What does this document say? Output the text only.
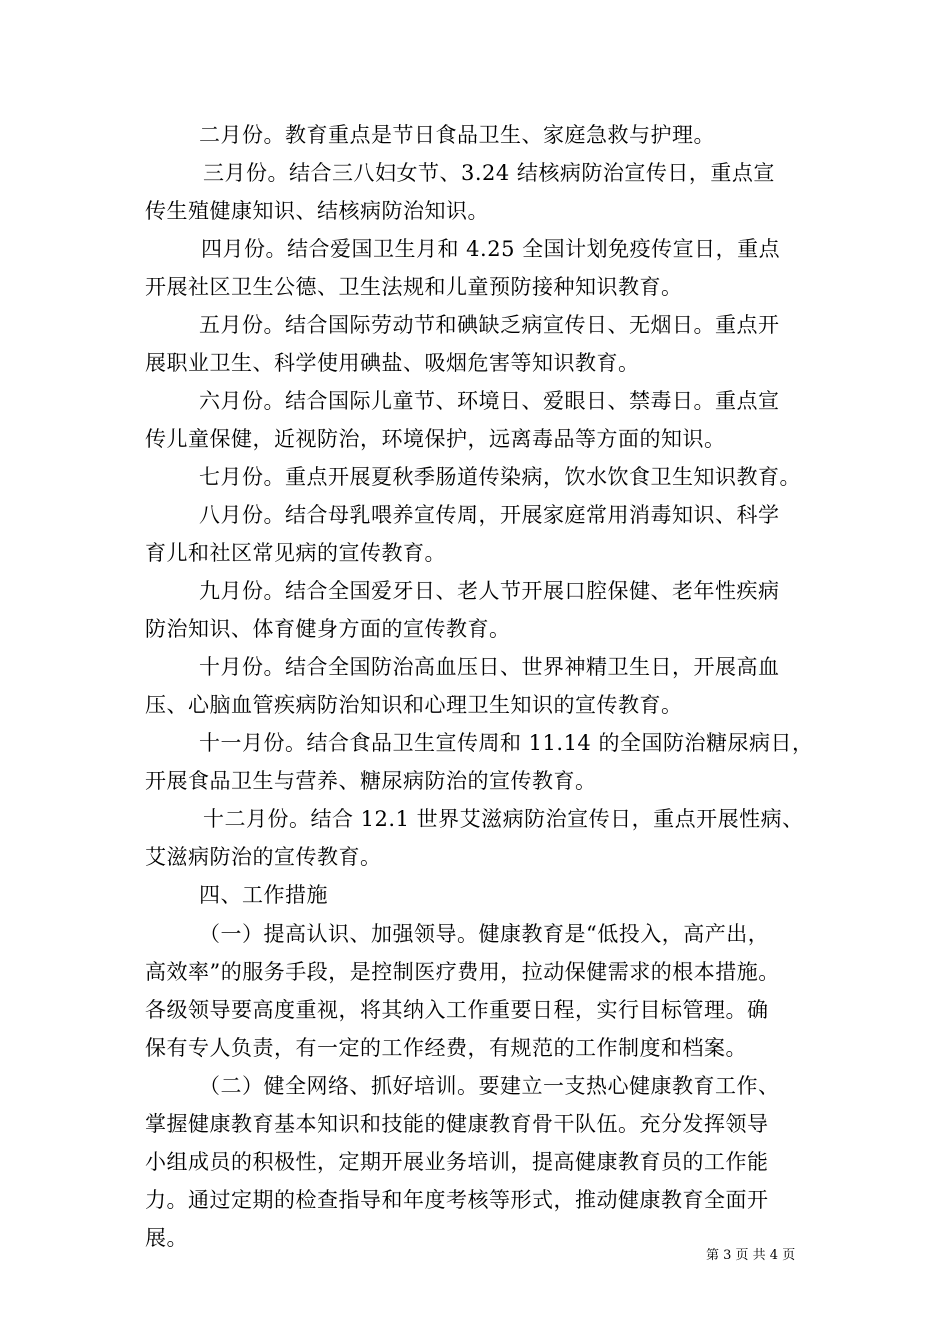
二月份。教育重点是节日食品卫生、家庭急救与护理。
三月份。结合三八妇女节、3.24 结核病防治宣传日，重点宣
传生殖健康知识、结核病防治知识。
四月份。结合爱国卫生月和 4.25 全国计划免疫传宣日，重点
开展社区卫生公德、卫生法规和儿童预防接种知识教育。
五月份。结合国际劳动节和碘缺乏病宣传日、无烟日。重点开
展职业卫生、科学使用碘盐、吸烟危害等知识教育。
六月份。结合国际儿童节、环境日、爱眼日、禁毒日。重点宣
传儿童保健，近视防治，环境保护，远离毒品等方面的知识。
七月份。重点开展夏秋季肠道传染病，饮水饮食卫生知识教育。
八月份。结合母乳喂养宣传周，开展家庭常用消毒知识、科学
育儿和社区常见病的宣传教育。
九月份。结合全国爱牙日、老人节开展口腔保健、老年性疾病
防治知识、体育健身方面的宣传教育。
十月份。结合全国防治高血压日、世界神精卫生日，开展高血
压、心脑血管疾病防治知识和心理卫生知识的宣传教育。
十一月份。结合食品卫生宣传周和 11.14 的全国防治糖尿病日，
开展食品卫生与营养、糖尿病防治的宣传教育。
十二月份。结合 12.1 世界艾滋病防治宣传日，重点开展性病、
艾滋病防治的宣传教育。
四、工作措施
（一）提高认识、加强领导。健康教育是“低投入，高产出，
高效率”的服务手段，是控制医疗费用，拉动保健需求的根本措施。
各级领导要高度重视，将其纳入工作重要日程，实行目标管理。确
保有专人负责，有一定的工作经费，有规范的工作制度和档案。
（二）健全网络、抓好培训。要建立一支热心健康教育工作、
掌握健康教育基本知识和技能的健康教育骨干队伍。充分发挥领导
小组成员的积极性，定期开展业务培训，提高健康教育员的工作能
力。通过定期的检查指导和年度考核等形式，推动健康教育全面开
展。
第 3 页 共 4 页
